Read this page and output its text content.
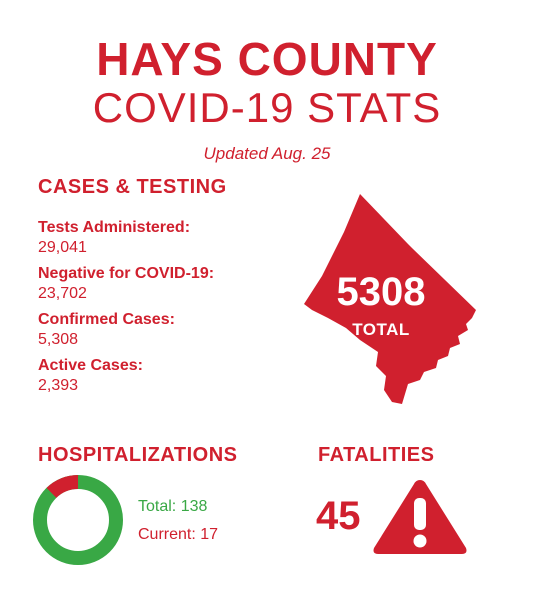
HAYS COUNTY
COVID-19 STATS
Updated Aug. 25
CASES & TESTING
Tests Administered:
29,041
Negative for COVID-19:
23,702
Confirmed Cases:
5,308
Active Cases:
2,393
5308
TOTAL
HOSPITALIZATIONS	FATALITIES
Total: 138
Current: 17 45
